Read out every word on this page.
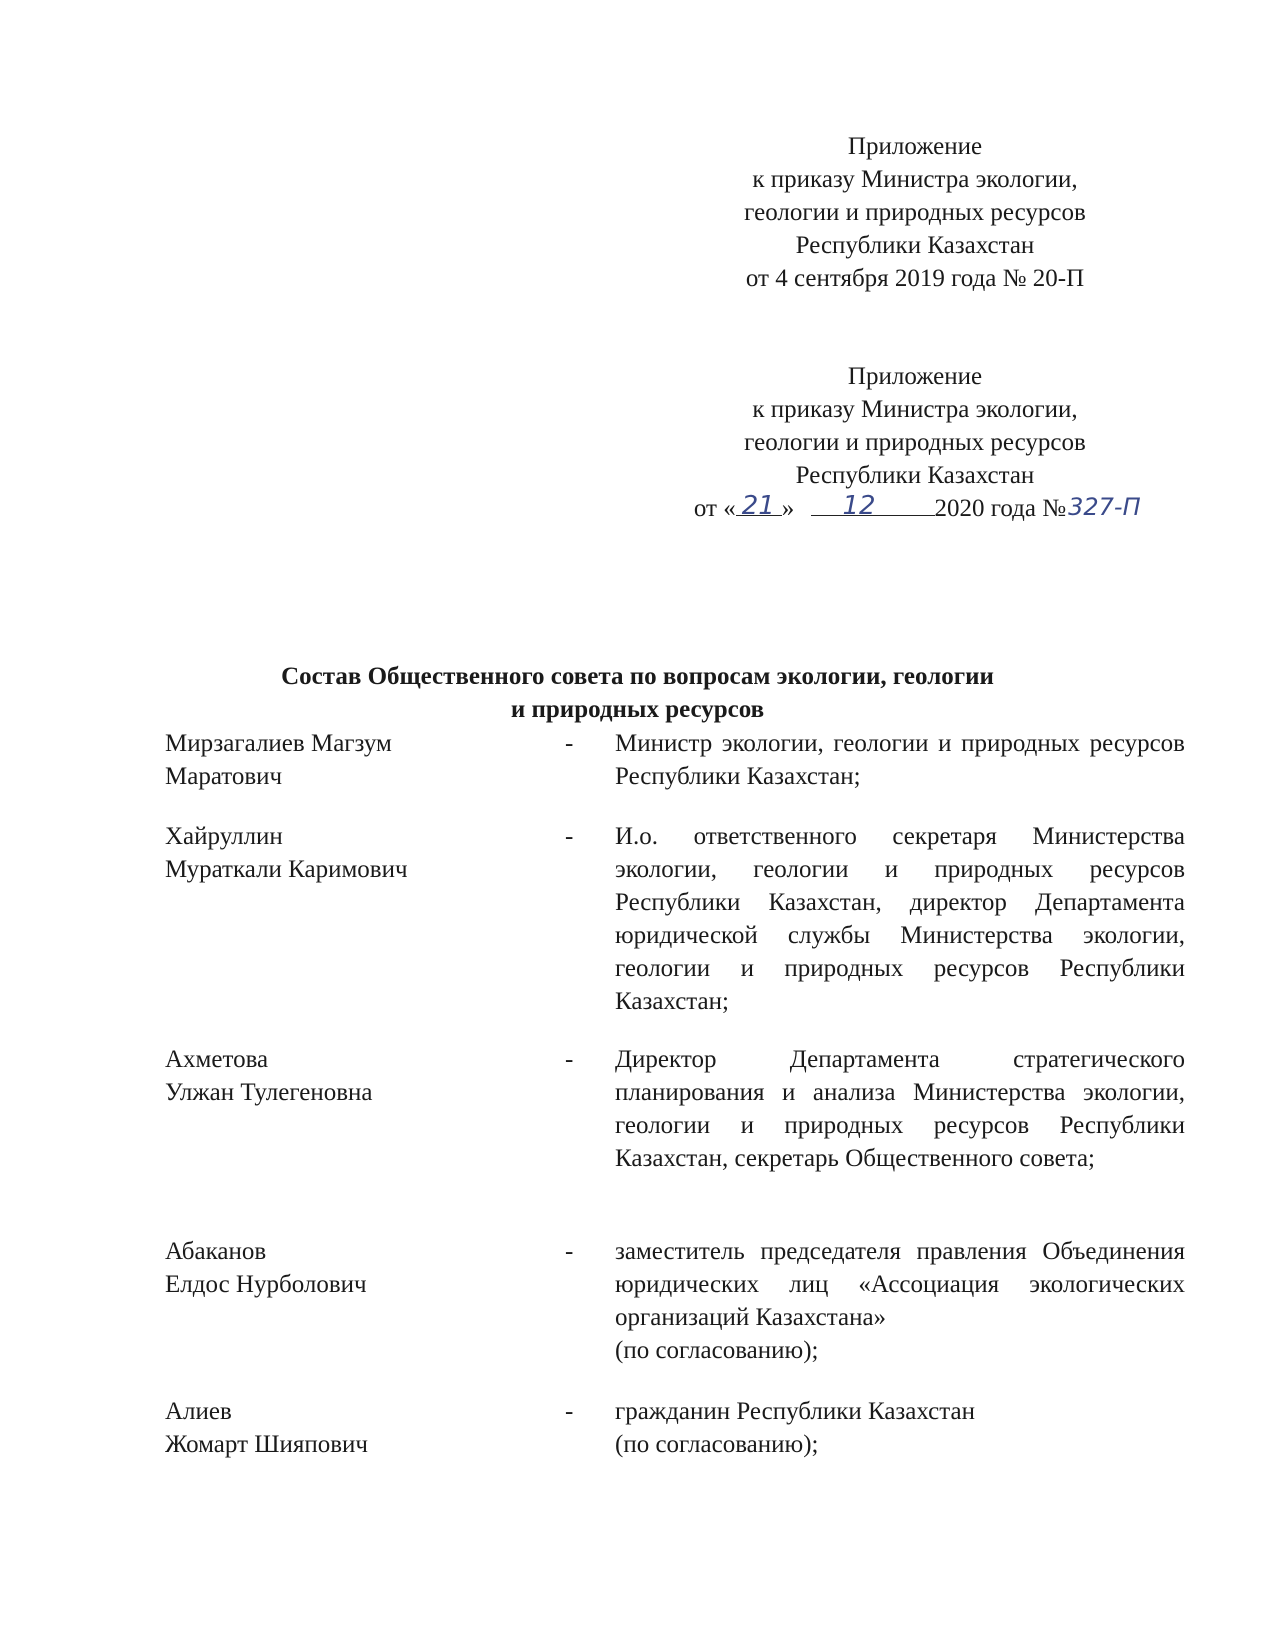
Приложение
к приказу Министра экологии,
геологии и природных ресурсов
Республики Казахстан
от 4 сентября 2019 года № 20-П
Приложение
к приказу Министра экологии,
геологии и природных ресурсов
Республики Казахстан
от « 21 » 12 2020 года № 327-П
Состав Общественного совета по вопросам экологии, геологии
и природных ресурсов
Мирзагалиев Магзум
Маратович
- Министр экологии, геологии и природных ресурсов Республики Казахстан;
Хайруллин
Мураткали Каримович
- И.о. ответственного секретаря Министерства экологии, геологии и природных ресурсов Республики Казахстан, директор Департамента юридической службы Министерства экологии, геологии и природных ресурсов Республики Казахстан;
Ахметова
Улжан Тулегеновна
- Директор Департамента стратегического планирования и анализа Министерства экологии, геологии и природных ресурсов Республики Казахстан, секретарь Общественного совета;
Абаканов
Елдос Нурболович
- заместитель председателя правления Объединения юридических лиц «Ассоциация экологических организаций Казахстана»
(по согласованию);
Алиев
Жомарт Шияпович
- гражданин Республики Казахстан
(по согласованию);
